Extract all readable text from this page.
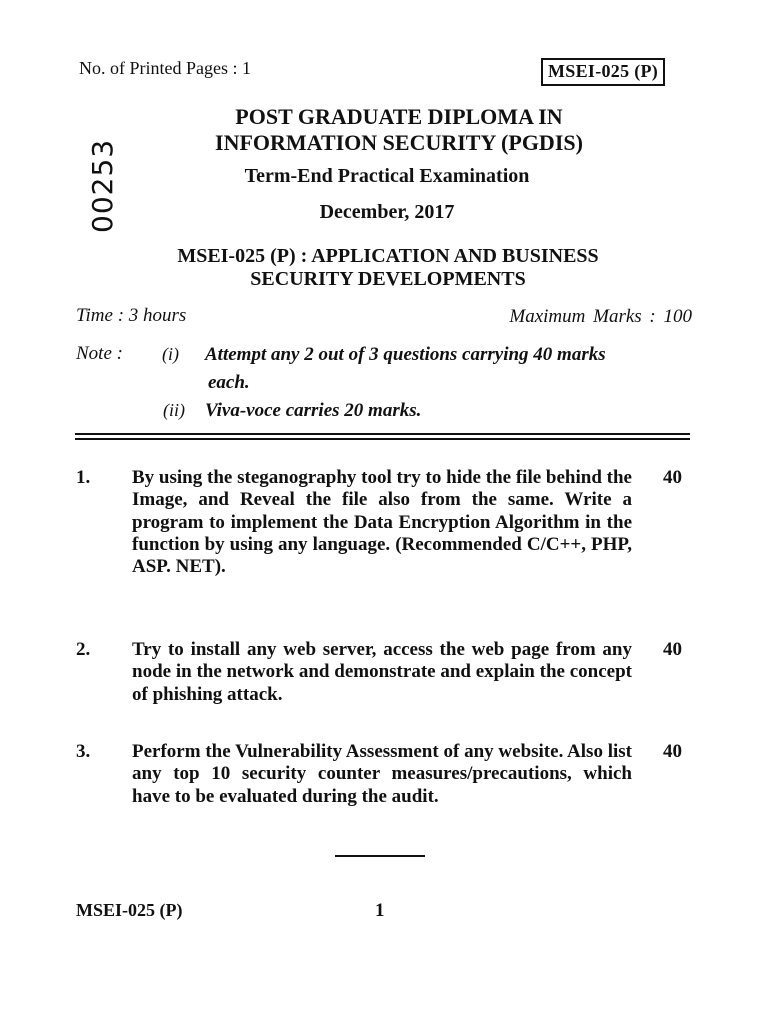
No. of Printed Pages : 1	MSEI-025 (P)
00253
POST GRADUATE DIPLOMA IN
INFORMATION SECURITY (PGDIS)
Term-End Practical Examination
December, 2017
MSEI-025 (P) : APPLICATION AND BUSINESS
SECURITY DEVELOPMENTS
Time : 3 hours	Maximum Marks : 100
Note : (i) Attempt any 2 out of 3 questions carrying 40 marks
each.
(ii) Viva-voce carries 20 marks.
1. By using the steganography tool try to hide the file behind the Image, and Reveal the file also from the same. Write a program to implement the Data Encryption Algorithm in the function by using any language. (Recommended C/C++, PHP, ASP. NET).
40
2. Try to install any web server, access the web page from any node in the network and demonstrate and explain the concept of phishing attack.
40
3. Perform the Vulnerability Assessment of any website. Also list any top 10 security counter measures/precautions, which have to be evaluated during the audit.
40
MSEI-025 (P)	1
